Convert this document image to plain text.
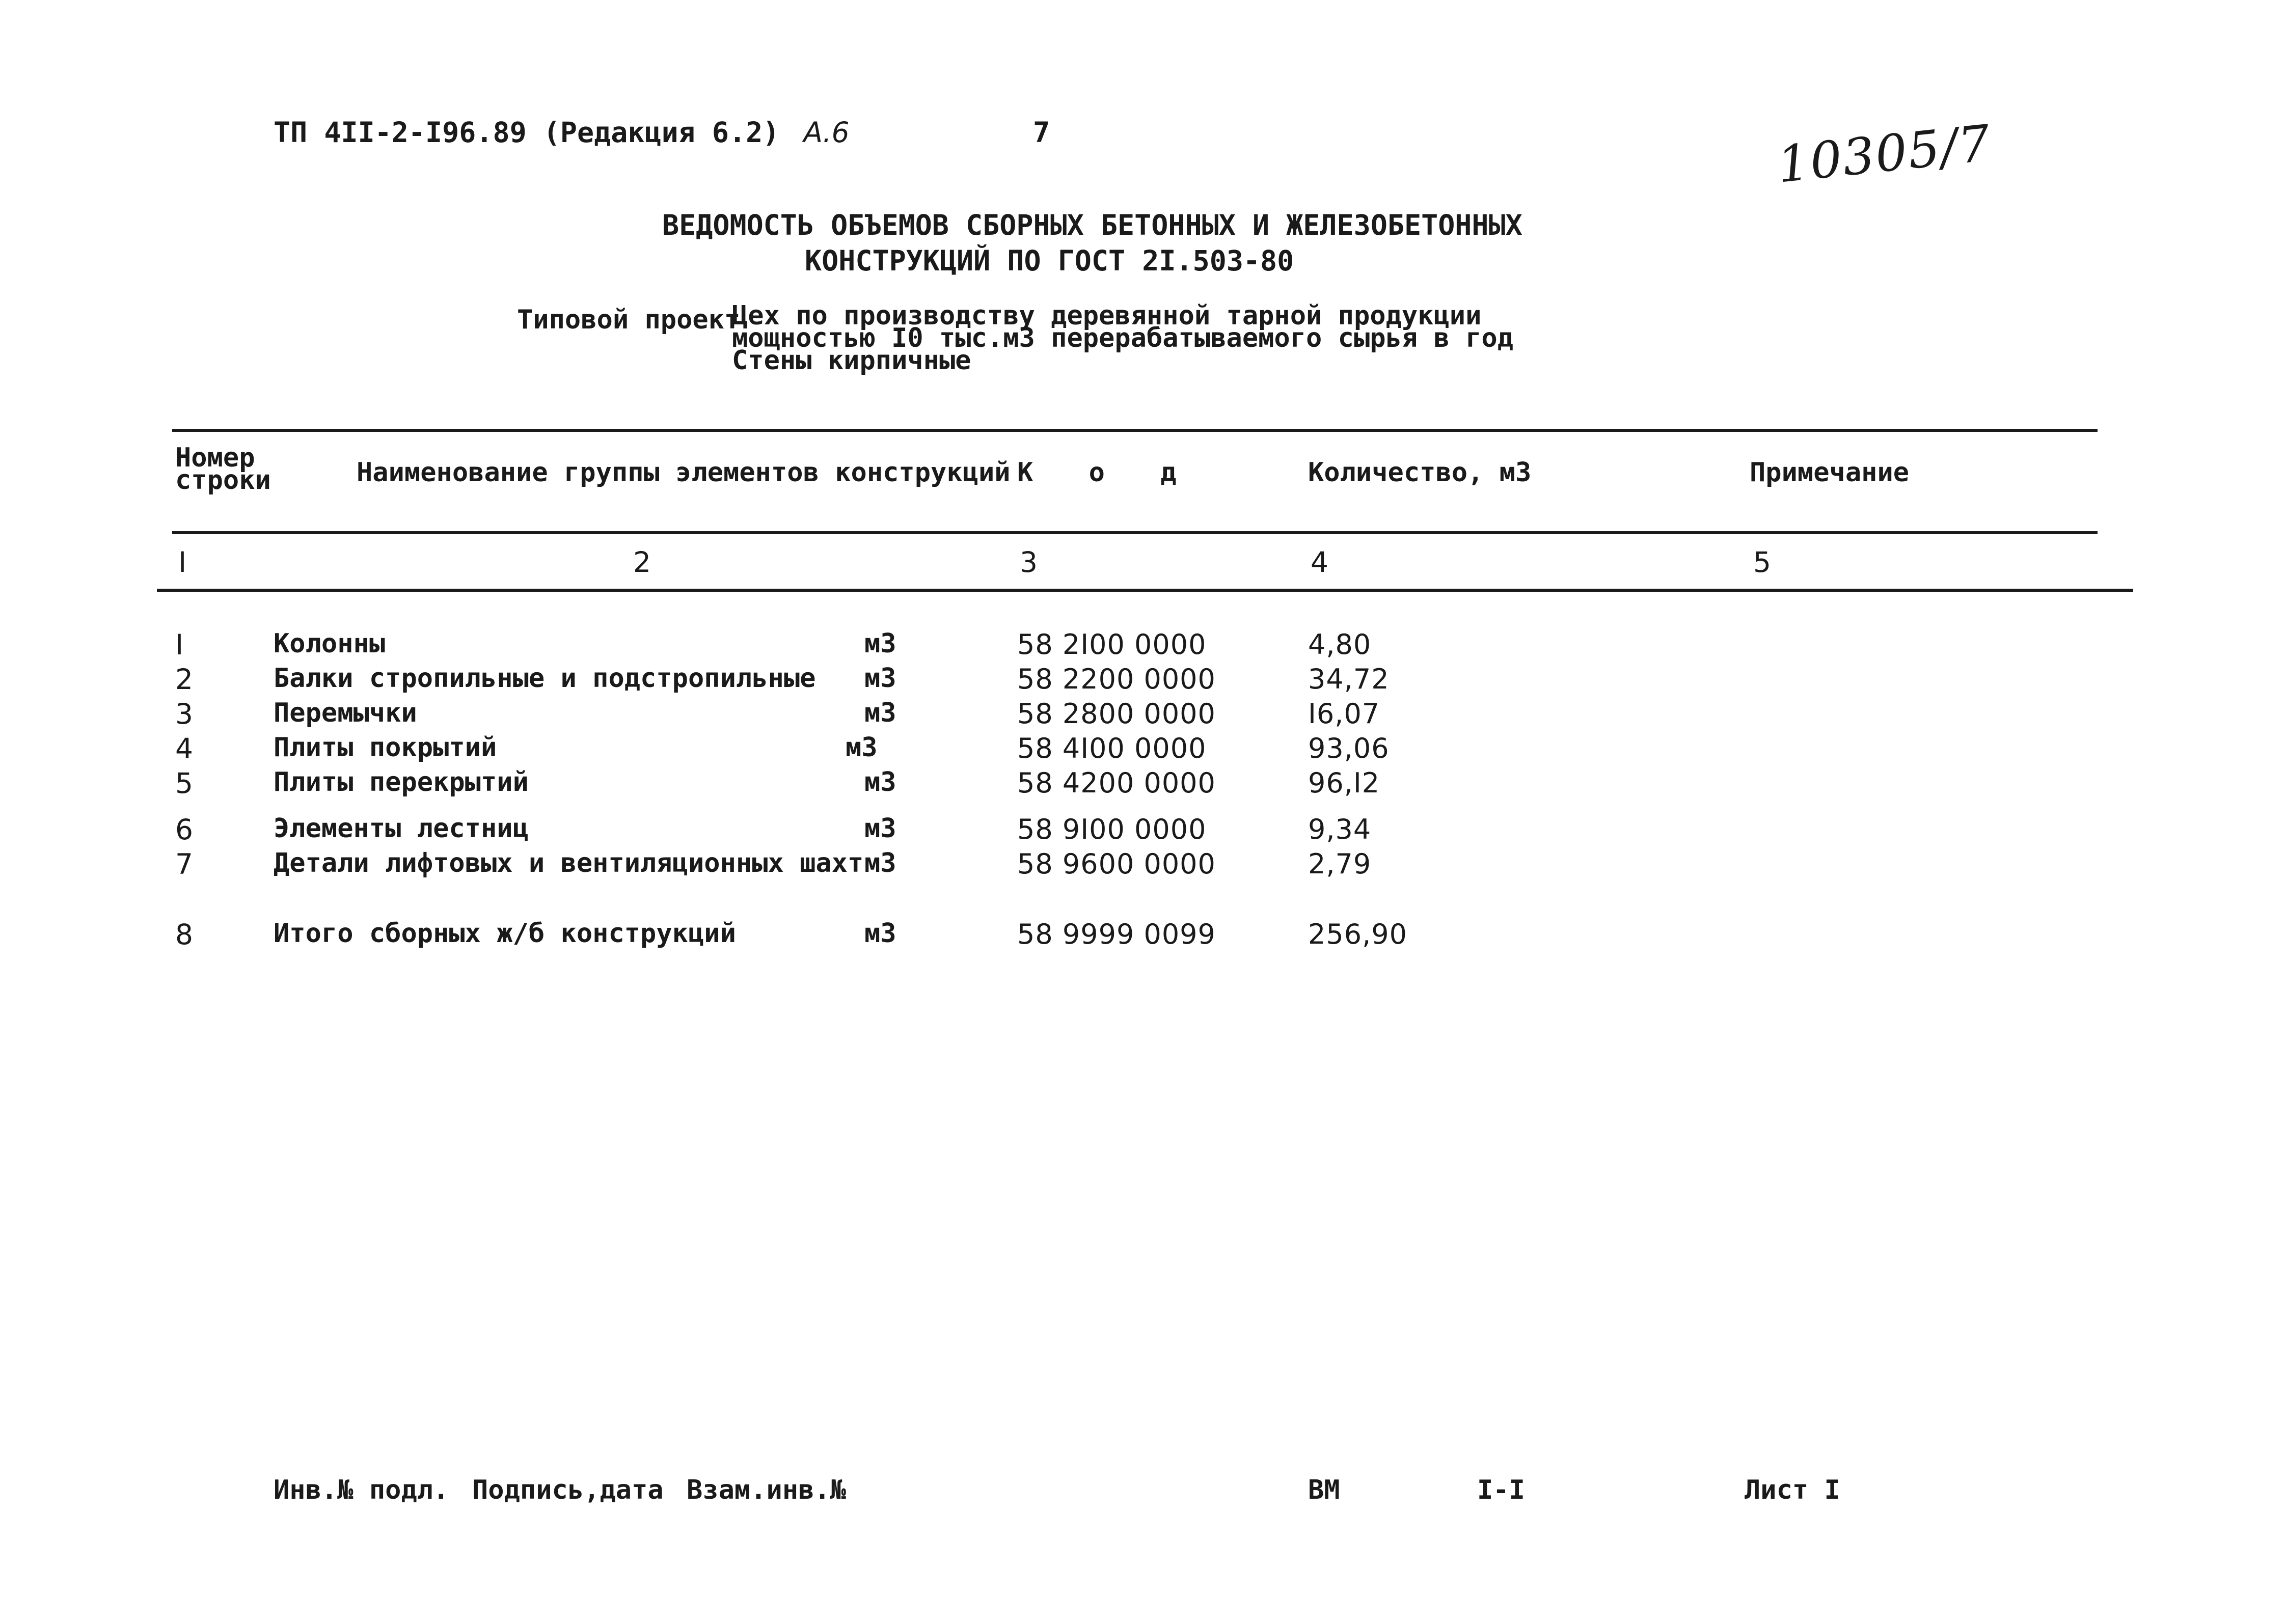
ТП 4II-2-I96.89 (Редакция 6.2) А.6	7	10305/7
ВЕДОМОСТЬ ОБЪЕМОВ СБОРНЫХ БЕТОННЫХ И ЖЕЛЕЗОБЕТОННЫХ
КОНСТРУКЦИЙ ПО ГОСТ 2I.503-80
Типовой проект
Цех по производству деревянной тарной продукции
мощностью I0 тыс.м3 перерабатываемого сырья в год
Стены кирпичные
Номер
строки	Наименование группы элементов конструкций К о д	Количество, м3	Примечание
I	2	3	4	5
I	Колонны	м3	58 2I00 0000	4,80
2	Балки стропильные и подстропильные м3	58 2200 0000	34,72
3	Перемычки	м3	58 2800 0000	I6,07
4	Плиты покрытий	м3	58 4I00 0000	93,06
5	Плиты перекрытий	м3	58 4200 0000	96,I2
6	Элементы лестниц	м3	58 9I00 0000	9,34
7	Детали лифтовых и вентиляционных шахт м3	58 9600 0000	2,79
8	Итого сборных ж/б конструкций	м3	58 9999 0099	256,90
Инв.№ подл. Подпись,дата Взам.инв.№	ВМ	I-I	Лист I
